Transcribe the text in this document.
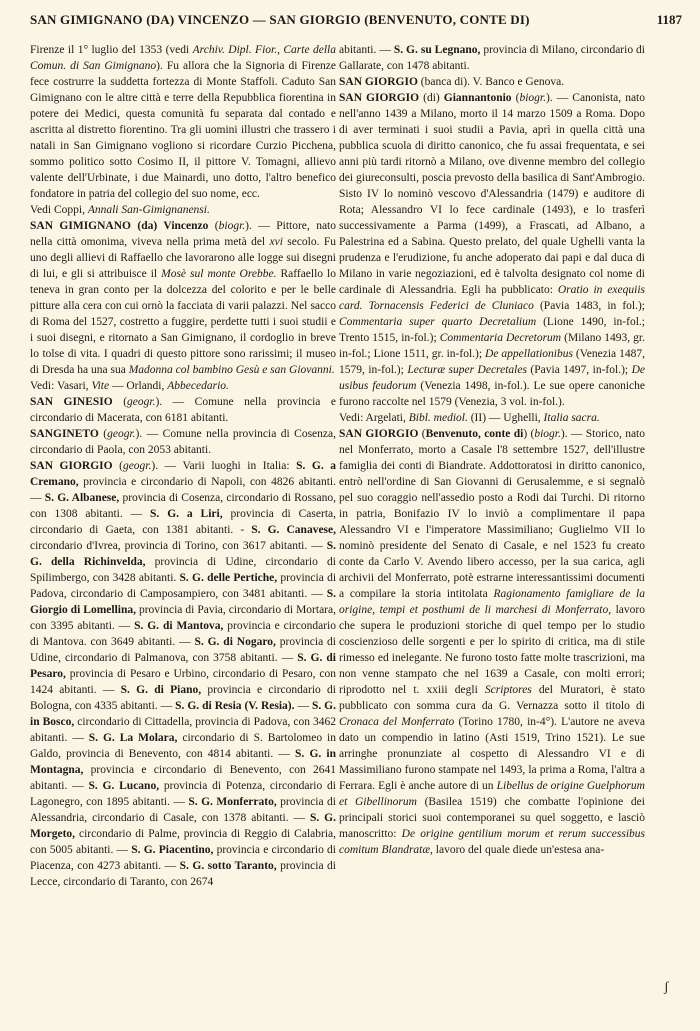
SAN GIMIGNANO (DA) VINCENZO — SAN GIORGIO (BENVENUTO, CONTE DI)	1187

Firenze il 1° luglio del 1353 (vedi Archiv. Dipl. Fior., Carte della Comun. di San Gimignano). Fu allora che la Signoria di Firenze fece costrurre la suddetta fortezza di Monte Staffoli. Caduto San Gimignano con le altre città e terre della Repubblica fiorentina in potere dei Medici, questa comunità fu separata dal contado e ascritta al distretto fiorentino. Tra gli uomini illustri che trassero i natali in San Gimignano vogliono si ricordare Curzio Picchena, sommo politico sotto Cosimo II, il pittore V. Tomagni, allievo valente dell'Urbinate, i due Mainardi, uno dotto, l'altro benefico fondatore in patria del collegio del suo nome, ecc.

Vedi Coppi, Annali San-Gimignanensi.

SAN GIMIGNANO (da) Vincenzo (biogr.). — Pittore, nato nella città omonima, viveva nella prima metà del xvi secolo. Fu uno degli allievi di Raffaello che lavorarono alle logge sui disegni di lui, e gli si attribuisce il Mosè sul monte Orebbe. Raffaello lo teneva in gran conto per la dolcezza del colorito e per le belle pitture alla cera con cui ornò la facciata di varii palazzi. Nel sacco di Roma del 1527, costretto a fuggire, perdette tutti i suoi studii e i suoi disegni, e ritornato a San Gimignano, il cordoglio in breve lo tolse di vita. I quadri di questo pittore sono rarissimi; il museo di Dresda ha una sua Madonna col bambino Gesù e san Giovanni.

Vedi: Vasari, Vite — Orlandi, Abbecedario.

SAN GINESIO (geogr.). — Comune nella provincia e circondario di Macerata, con 6181 abitanti.

SANGINETO (geogr.). — Comune nella provincia di Cosenza, circondario di Paola, con 2053 abitanti.

SAN GIORGIO (geogr.). — Varii luoghi in Italia: S. G. a Cremano, provincia e circondario di Napoli, con 4826 abitanti. — S. G. Albanese, provincia di Cosenza, circondario di Rossano, con 1308 abitanti. — S. G. a Liri, provincia di Caserta, circondario di Gaeta, con 1381 abitanti. - S. G. Canavese, circondario d'Ivrea, provincia di Torino, con 3617 abitanti. — S. G. della Richinvelda, provincia di Udine, circondario di Spilimbergo, con 3428 abitanti. S. G. delle Pertiche, provincia di Padova, circondario di Camposampiero, con 3481 abitanti. — S. Giorgio di Lomellina, provincia di Pavia, circondario di Mortara, con 3395 abitanti. — S. G. di Mantova, provincia e circondario di Mantova. con 3649 abitanti. — S. G. di Nogaro, provincia di Udine, circondario di Palmanova, con 3758 abitanti. — S. G. di Pesaro, provincia di Pesaro e Urbino, circondario di Pesaro, con 1424 abitanti. — S. G. di Piano, provincia e circondario di Bologna, con 4335 abitanti. — S. G. di Resia (V. Resia). — S. G. in Bosco, circondario di Cittadella, provincia di Padova, con 3462 abitanti. — S. G. La Molara, circondario di S. Bartolomeo in Galdo, provincia di Benevento, con 4814 abitanti. — S. G. in Montagna, provincia e circondario di Benevento, con 2641 abitanti. — S. G. Lucano, provincia di Potenza, circondario di Lagonegro, con 1895 abitanti. — S. G. Monferrato, provincia di Alessandria, circondario di Casale, con 1378 abitanti. — S. G. Morgeto, circondario di Palme, provincia di Reggio di Calabria, con 5005 abitanti. — S. G. Piacentino, provincia e circondario di Piacenza, con 4273 abitanti. — S. G. sotto Taranto, provincia di Lecce, circondario di Taranto, con 2674

abitanti. — S. G. su Legnano, provincia di Milano, circondario di Gallarate, con 1478 abitanti.

SAN GIORGIO (banca di). V. Banco e Genova.

SAN GIORGIO (di) Giannantonio (biogr.). — Canonista, nato nell'anno 1439 a Milano, morto il 14 marzo 1509 a Roma. Dopo di aver terminati i suoi studii a Pavia, aprì in quella città una pubblica scuola di diritto canonico, che fu assai frequentata, e sei anni più tardi ritornò a Milano, ove divenne membro del collegio dei giureconsulti, poscia prevosto della basilica di Sant'Ambrogio. Sisto IV lo nominò vescovo d'Alessandria (1479) e auditore di Rota; Alessandro VI lo fece cardinale (1493), e lo trasferì successivamente a Parma (1499), a Frascati, ad Albano, a Palestrina ed a Sabina. Questo prelato, del quale Ughelli vanta la prudenza e l'erudizione, fu anche adoperato dai papi e dal duca di Milano in varie negoziazioni, ed è talvolta designato col nome di cardinale di Alessandria. Egli ha pubblicato: Oratio in exequiis card. Tornacensis Federici de Cluniaco (Pavia 1483, in fol.); Commentaria super quarto Decretalium (Lione 1490, in-fol.; Trento 1515, in-fol.); Commentaria Decretorum (Milano 1493, gr. in-fol.; Lione 1511, gr. in-fol.); De appellationibus (Venezia 1487, 1579, in-fol.); Lecturæ super Decretales (Pavia 1497, in-fol.); De usibus feudorum (Venezia 1498, in-fol.). Le sue opere canoniche furono raccolte nel 1579 (Venezia, 3 vol. in-fol.).

Vedi: Argelati, Bibl. mediol. (II) — Ughelli, Italia sacra.

SAN GIORGIO (Benvenuto, conte di) (biogr.). — Storico, nato nel Monferrato, morto a Casale l'8 settembre 1527, dell'illustre famiglia dei conti di Biandrate. Addottoratosi in diritto canonico, entrò nell'ordine di San Giovanni di Gerusalemme, e si segnalò pel suo coraggio nell'assedio posto a Rodi dai Turchi. Di ritorno in patria, Bonifazio IV lo inviò a complimentare il papa Alessandro VI e l'imperatore Massimiliano; Guglielmo VII lo nominò presidente del Senato di Casale, e nel 1523 fu creato conte da Carlo V. Avendo libero accesso, per la sua carica, agli archivii del Monferrato, potè estrarne interessantissimi documenti a compilare la storia intitolata Ragionamento famigliare de la origine, tempi et posthumi de li marchesi di Monferrato, lavoro che supera le produzioni storiche di quel tempo per lo studio coscienzioso delle sorgenti e per lo spirito di critica, ma di stile rimesso ed inelegante. Ne furono tosto fatte molte trascrizioni, ma non venne stampato che nel 1639 a Casale, con molti errori; riprodotto nel t. xxiii degli Scriptores del Muratori, è stato pubblicato con somma cura da G. Vernazza sotto il titolo di Cronaca del Monferrato (Torino 1780, in-4°). L'autore ne aveva dato un compendio in latino (Asti 1519, Trino 1521). Le sue arringhe pronunziate al cospetto di Alessandro VI e di Massimiliano furono stampate nel 1493, la prima a Roma, l'altra a Ferrara. Egli è anche autore di un Libellus de origine Guelphorum et Gibellinorum (Basilea 1519) che combatte l'opinione dei principali storici suoi contemporanei su quel soggetto, e lasciò manoscritto: De origine gentilium morum et rerum successibus comitum Blandratæ, lavoro del quale diede un'estesa ana-

ʃ
